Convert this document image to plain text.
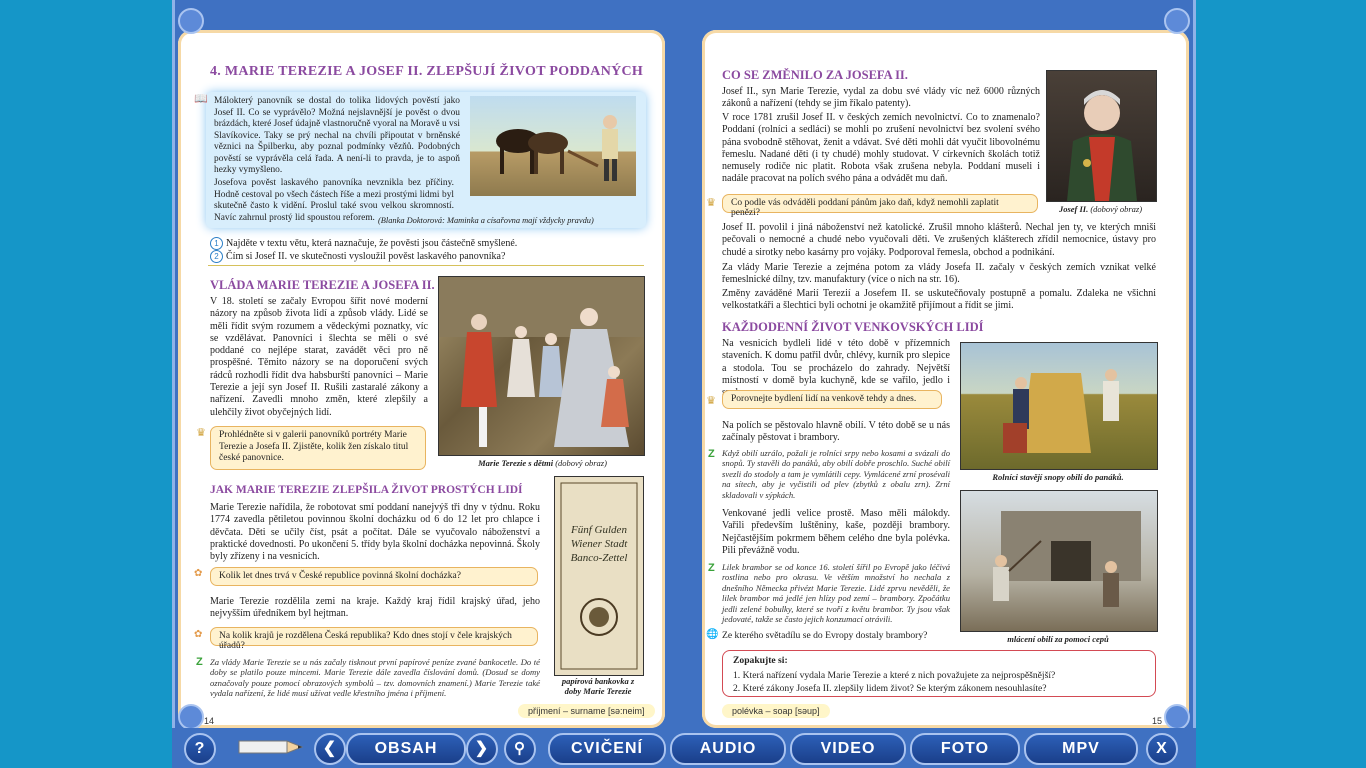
4. MARIE TEREZIE A JOSEF II. ZLEPŠUJÍ ŽIVOT PODDANÝCH
📖 Málokterý panovník se dostal do tolika lidových pověstí jako Josef II. Co se vyprávělo? Možná nejslavnější je pověst o dvou brázdách, které Josef údajně vlastnoručně vyoral na Moravě u vsi Slavíkovice. Taky se prý nechal na chvíli připoutat v brněnské věznici na Špilberku, aby poznal podmínky vězňů. Podobných pověstí se vyprávěla celá řada. A není-li to pravda, je to aspoň hezky vymyšleno.

Josefova pověst laskavého panovníka nevznikla bez příčiny. Hodně cestoval po všech částech říše a mezi prostými lidmi byl skutečně často k vidění. Proslul také svou velkou skromností. Navíc zahrnul prostý lid spoustou reforem. (Blanka Doktorová: Maminka a císařovna mají vždycky pravdu)

1 Najděte v textu větu, která naznačuje, že pověsti jsou částečně smyšlené.
2 Čím si Josef II. ve skutečnosti vysloužil pověst laskavého panovníka?
VLÁDA MARIE TEREZIE A JOSEFA II.

V 18. století se začaly Evropou šířit nové moderní názory na způsob života lidí a způsob vlády. Lidé se měli řídit svým rozumem a vědeckými poznatky, víc se vzdělávat. Panovníci i šlechta se měli o své poddané co nejlépe starat, zavádět věci pro ně prospěšné. Těmito názory se na doporučení svých rádců rozhodli řídit dva habsburští panovníci – Marie Terezie a její syn Josef II. Rušili zastaralé zákony a nařízení. Zavedli mnoho změn, které zlepšily a ulehčily život obyčejných lidí.

Marie Terezie s dětmi (dobový obraz)
♛	Prohlédněte si v galerii panovníků portréty Marie Terezie a Josefa II. Zjistěte, kolik žen získalo titul české panovnice.
JAK MARIE TEREZIE ZLEPŠILA ŽIVOT PROSTÝCH LIDÍ

Marie Terezie nařídila, že robotovat smí poddaní nanejvýš tři dny v týdnu. Roku 1774 zavedla pětiletou povinnou školní docházku od 6 do 12 let pro chlapce i děvčata. Děti se učily číst, psát a počítat. Dále se vyučovalo náboženství a praktické dovednosti. Po ukončení 5. třídy byla školní docházka nepovinná. Školy byly zřízeny i na vesnicích.

✿	Kolik let dnes trvá v České republice povinná školní docházka?

Marie Terezie rozdělila zemi na kraje. Každý kraj řídil krajský úřad, jeho nejvyšším úředníkem byl hejtman.

✿	Na kolik krajů je rozdělena Česká republika? Kdo dnes stojí v čele krajských úřadů?
Z Za vlády Marie Terezie se u nás začaly tisknout první papírové peníze zvané bankocetle. Do té doby se platilo pouze mincemi. Marie Terezie dále zavedla číslování domů. (Dosud se domy označovaly pouze pomocí obrazových symbolů – tzv. domovních znamení.) Marie Terezie také vydala nařízení, že lidé musí užívat vedle křestního jména i příjmení.

Fünf Gulden Wiener Stadt Banco-Zettel
papírová bankovka z doby Marie Terezie
příjmení – surname [sə:neim]
14
CO SE ZMĚNILO ZA JOSEFA II.

Josef II., syn Marie Terezie, vydal za dobu své vlády víc než 6000 různých zákonů a nařízení (tehdy se jim říkalo patenty).

V roce 1781 zrušil Josef II. v českých zemích nevolnictví. Co to znamenalo? Poddaní (rolníci a sedláci) se mohli po zrušení nevolnictví bez svolení svého pána svobodně stěhovat, ženit a vdávat. Své děti mohli dát vyučit libovolnému řemeslu. Nadané děti (i ty chudé) mohly studovat. V církevních školách totiž nemusely rodiče nic platit. Robota však zrušena nebyla. Poddaní museli i nadále pracovat na polích svého pána a odvádět mu daň.

Josef II. (dobový obraz)
♛	Co podle vás odváděli poddaní pánům jako daň, když nemohli zaplatit penězi?

Josef II. povolil i jiná náboženství než katolické. Zrušil mnoho klášterů. Nechal jen ty, ve kterých mniši pečovali o nemocné a chudé nebo vyučovali děti. Ve zrušených klášterech zřídil nemocnice, ústavy pro chudé a sirotky nebo kasárny pro vojáky. Podporoval řemesla, obchod a podnikání.

Za vlády Marie Terezie a zejména potom za vlády Josefa II. začaly v českých zemích vznikat velké řemeslnické dílny, tzv. manufaktury (více o nich na str. 16).

Změny zaváděné Marií Terezií a Josefem II. se uskutečňovaly postupně a pomalu. Zdaleka ne všichni velkostatkáři a šlechtici byli ochotni je okamžitě přijímout a řídit se jimi.

KAŽDODENNÍ ŽIVOT VENKOVSKÝCH LIDÍ

Na vesnicích bydleli lidé v této době v přízemních staveních. K domu patřil dvůr, chlévy, kurník pro slepice a stodola. Tou se procházelo do zahrady. Největší místností v domě byla kuchyně, kde se vařilo, jedlo i

♛	Porovnejte bydlení lidí na venkově tehdy a dnes.

Na polích se pěstovalo hlavně obilí. V této době se u nás začínaly pěstovat i brambory.

Z Když obilí uzrálo, požali je rolníci srpy nebo kosami a svázali do snopů. Ty stavěli do panáků, aby obilí dobře proschlo. Suché obilí svezli do stodoly a tam je vymlátili cepy. Vymlácené zrní prosévali na sítech, aby je vyčistili od plev (zbytků z obalu zrn). Zrní skladovali v sýpkách.

Rolníci stavějí snopy obilí do panáků.

Venkované jedli velice prostě. Maso měli málokdy. Vařili především luštěniny, kaše, později brambory. Nejčastějším pokrmem během celého dne byla polévka. Pili převážně vodu.

Z Lilek brambor se od konce 16. století šířil po Evropě jako léčivá rostlina nebo pro okrasu. Ve větším množství ho nechala z dnešního Německa přivézt Marie Terezie. Lidé zprvu nevěděli, že lilek brambor má jedlé jen hlízy pod zemí – brambory. Zpočátku jedli zelené bobulky, které se tvoří z květu brambor. Ty jsou však jedovaté, takže se často jejich konzumací otrávili.

mlácení obilí za pomoci cepů
🌐 Ze kterého světadílu se do Evropy dostaly brambory?
Zopakujte si:
1. Která nařízení vydala Marie Terezie a které z nich považujete za nejprospěšnější?
2. Které zákony Josefa II. zlepšily lidem život? Se kterým zákonem nesouhlasíte?
polévka – soap [səup]
15
?	❮	OBSAH	❯	⚲	CVIČENÍ	AUDIO	VIDEO	FOTO	MPV	X
